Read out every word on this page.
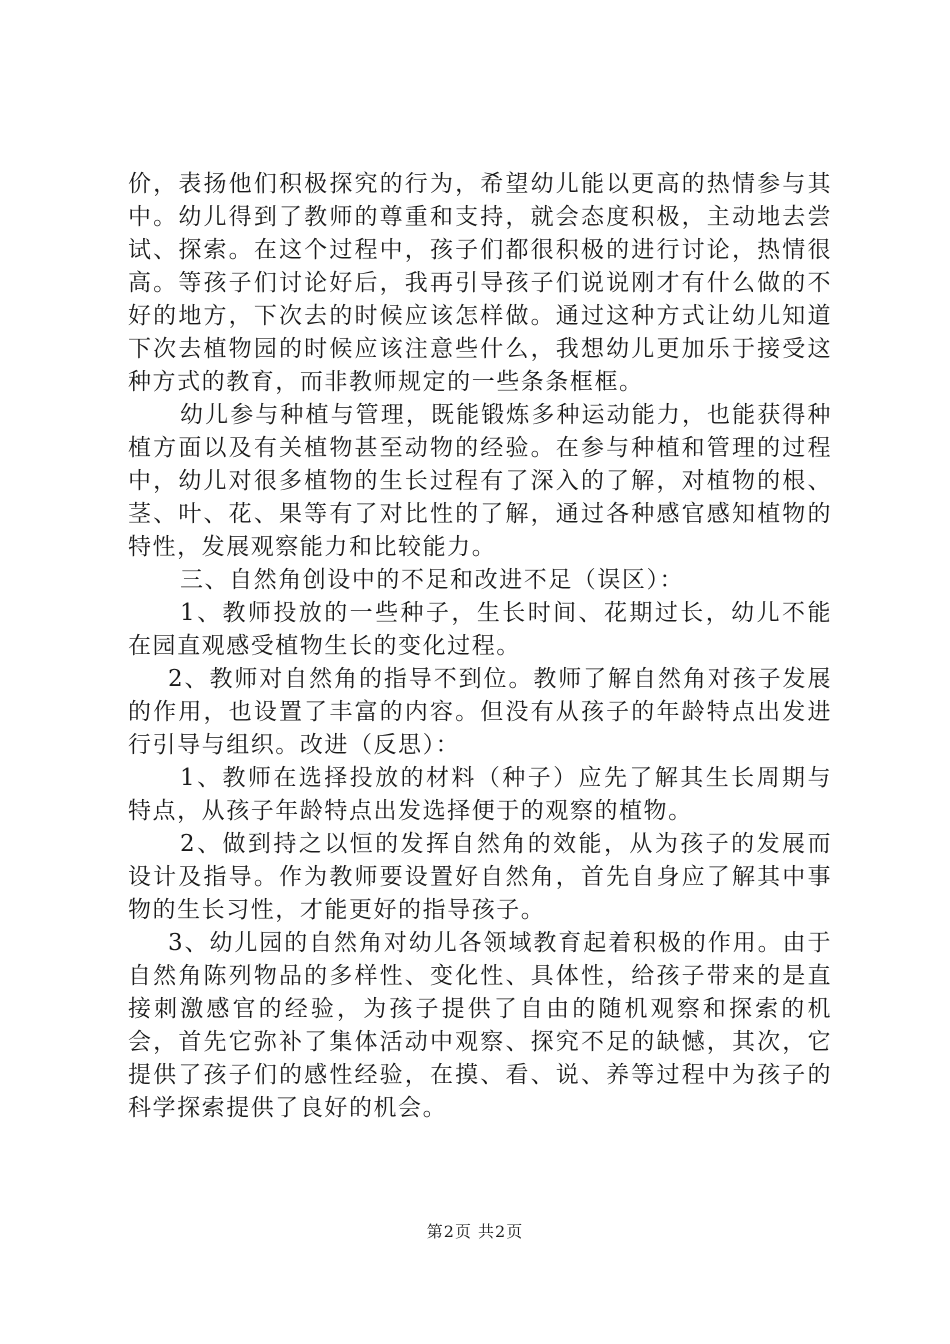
价，表扬他们积极探究的行为，希望幼儿能以更高的热情参与其中。幼儿得到了教师的尊重和支持，就会态度积极，主动地去尝试、探索。在这个过程中，孩子们都很积极的进行讨论，热情很高。等孩子们讨论好后，我再引导孩子们说说刚才有什么做的不好的地方，下次去的时候应该怎样做。通过这种方式让幼儿知道下次去植物园的时候应该注意些什么，我想幼儿更加乐于接受这种方式的教育，而非教师规定的一些条条框框。

幼儿参与种植与管理，既能锻炼多种运动能力，也能获得种植方面以及有关植物甚至动物的经验。在参与种植和管理的过程中，幼儿对很多植物的生长过程有了深入的了解，对植物的根、茎、叶、花、果等有了对比性的了解，通过各种感官感知植物的特性，发展观察能力和比较能力。

三、自然角创设中的不足和改进不足（误区）：

1、教师投放的一些种子，生长时间、花期过长，幼儿不能在园直观感受植物生长的变化过程。

2、教师对自然角的指导不到位。教师了解自然角对孩子发展的作用，也设置了丰富的内容。但没有从孩子的年龄特点出发进行引导与组织。改进（反思）：

1、教师在选择投放的材料（种子）应先了解其生长周期与特点，从孩子年龄特点出发选择便于的观察的植物。

2、做到持之以恒的发挥自然角的效能，从为孩子的发展而设计及指导。作为教师要设置好自然角，首先自身应了解其中事物的生长习性，才能更好的指导孩子。

3、幼儿园的自然角对幼儿各领域教育起着积极的作用。由于自然角陈列物品的多样性、变化性、具体性，给孩子带来的是直接刺激感官的经验，为孩子提供了自由的随机观察和探索的机会，首先它弥补了集体活动中观察、探究不足的缺憾，其次，它提供了孩子们的感性经验，在摸、看、说、养等过程中为孩子的科学探索提供了良好的机会。

第2页 共2页
